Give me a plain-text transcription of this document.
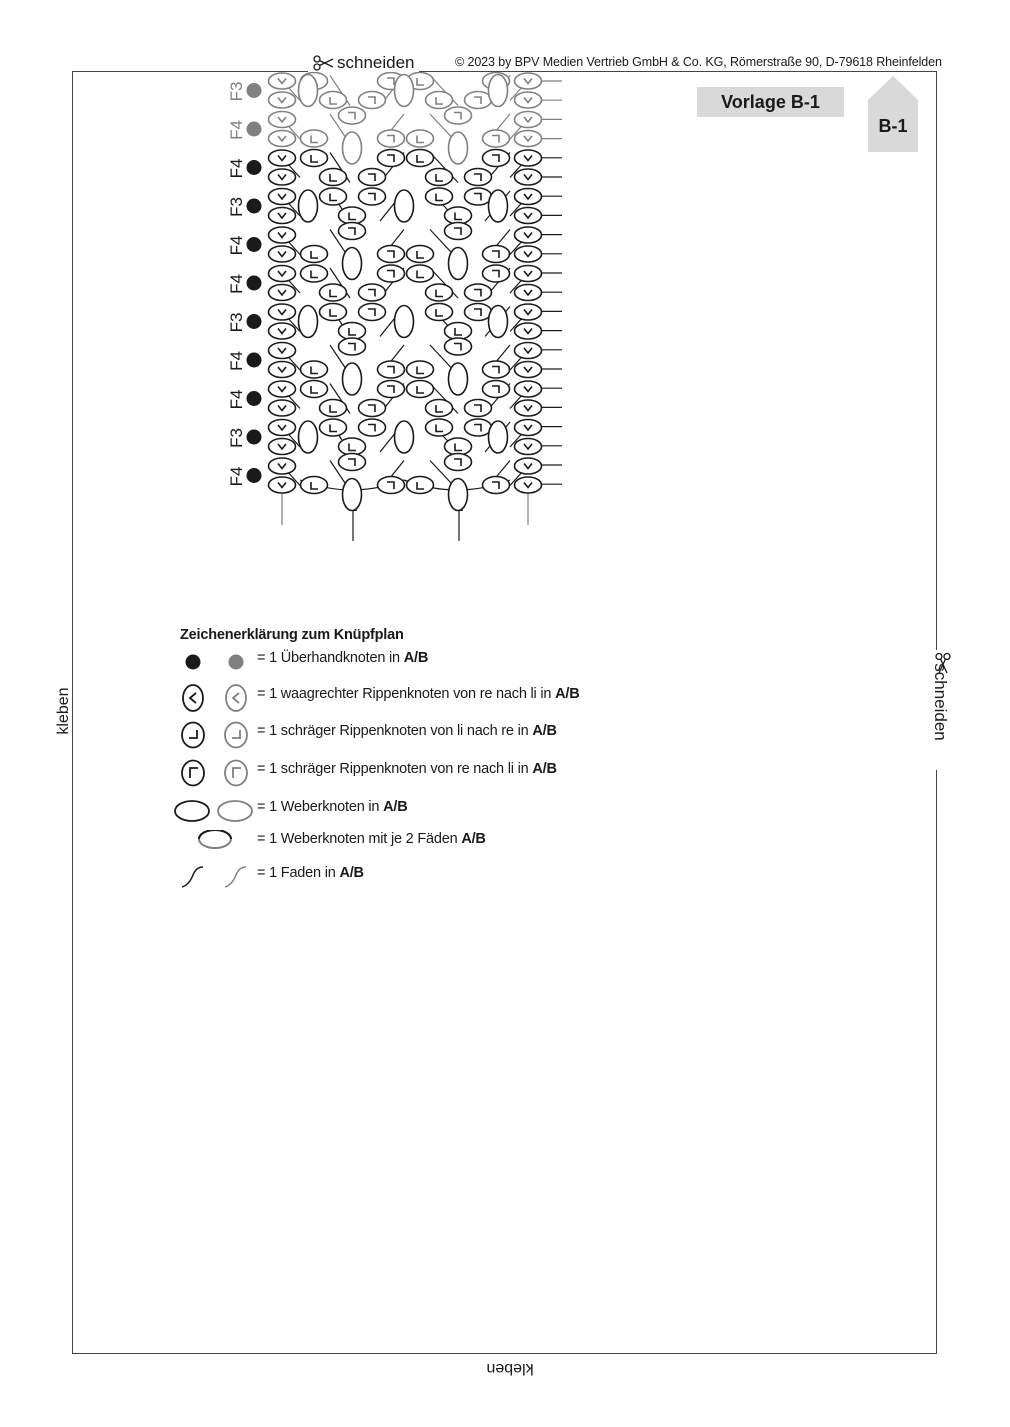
schneiden	© 2023 by BPV Medien Vertrieb GmbH & Co. KG, Römerstraße 90, D-79618 Rheinfelden
Vorlage B-1
B-1
schneiden
kleben
kleben
F3
F4
F4
F3
F4
F4
F3
F4
F4
F3
F4
Zeichenerklärung zum Knüpfplan
= 1 Überhandknoten in A/B
= 1 waagrechter Rippenknoten von re nach li in A/B
= 1 schräger Rippenknoten von li nach re in A/B
= 1 schräger Rippenknoten von re nach li in A/B
= 1 Weberknoten in A/B
= 1 Weberknoten mit je 2 Fäden A/B
= 1 Faden in A/B
